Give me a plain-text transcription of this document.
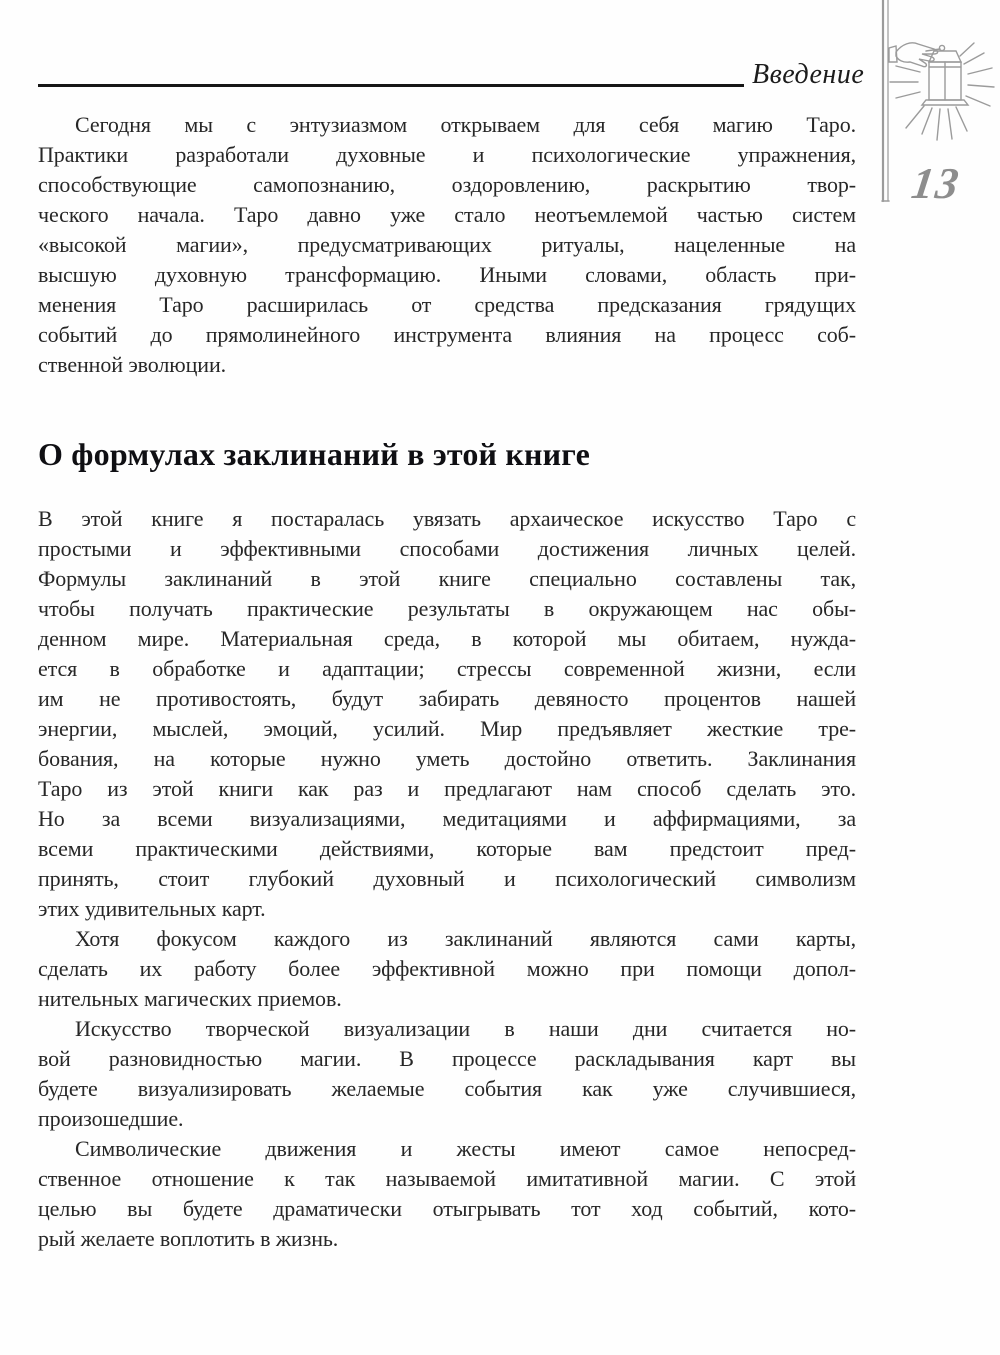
Введение
13
Сегодня мы с энтузиазмом открываем для себя магию Таро.
Практики разработали духовные и психологические упражнения,
способствующие самопознанию, оздоровлению, раскрытию твор-
ческого начала. Таро давно уже стало неотъемлемой частью систем
«высокой магии», предусматривающих ритуалы, нацеленные на
высшую духовную трансформацию. Иными словами, область при-
менения Таро расширилась от средства предсказания грядущих
событий до прямолинейного инструмента влияния на процесс соб-
ственной эволюции.
О формулах заклинаний в этой книге
В этой книге я постаралась увязать архаическое искусство Таро с
простыми и эффективными способами достижения личных целей.
Формулы заклинаний в этой книге специально составлены так,
чтобы получать практические результаты в окружающем нас обы-
денном мире. Материальная среда, в которой мы обитаем, нужда-
ется в обработке и адаптации; стрессы современной жизни, если
им не противостоять, будут забирать девяносто процентов нашей
энергии, мыслей, эмоций, усилий. Мир предъявляет жесткие тре-
бования, на которые нужно уметь достойно ответить. Заклинания
Таро из этой книги как раз и предлагают нам способ сделать это.
Но за всеми визуализациями, медитациями и аффирмациями, за
всеми практическими действиями, которые вам предстоит пред-
принять, стоит глубокий духовный и психологический символизм
этих удивительных карт.
Хотя фокусом каждого из заклинаний являются сами карты,
сделать их работу более эффективной можно при помощи допол-
нительных магических приемов.
Искусство творческой визуализации в наши дни считается но-
вой разновидностью магии. В процессе раскладывания карт вы
будете визуализировать желаемые события как уже случившиеся,
произошедшие.
Символические движения и жесты имеют самое непосред-
ственное отношение к так называемой имитативной магии. С этой
целью вы будете драматически отыгрывать тот ход событий, кото-
рый желаете воплотить в жизнь.
